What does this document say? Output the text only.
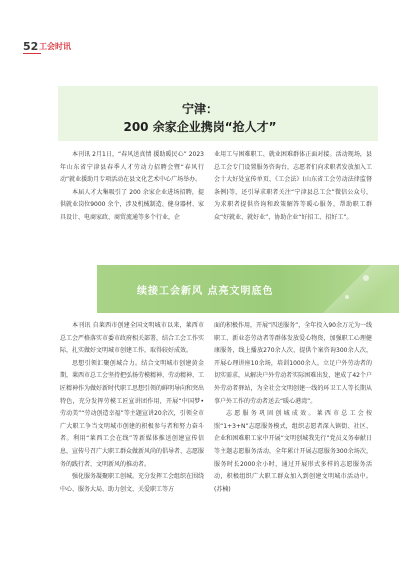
52 工会时讯
宁津：
200 余家企业携岗“抢人才”

本刊讯 2月1日，“春风送真情 援助暖民心” 2023 年山东省宁津县春季人才劳动力招聘会暨“春风行动”就业援助月专项活动在县文化艺术中心广场举办。

本届人才大集吸引了 200 余家企业进场招聘，提供就业岗位9000 余个，涉及机械制造、健身器材、家具设计、电商家政、商贸流通等多个行业，企

业用工与困难职工、就业困难群体正面对接。活动现场，县总工会专门设置服务咨询台，志愿者们向求职者发放加入工会十大好处宣传单页、《工会法》(山东省工会劳动法律监督条例)等，还引导求职者关注“宁津县总工会”微信公众号，为求职者提供咨询和政策解答等暖心服务，帮助职工群众“好就业、就好业”，协助企业“好招工、招好工”。

续接工会新风 点亮文明底色

本刊讯 自莱西市创建全国文明城市以来，莱西市总工会严格落实市委市政府相关部署，结合工会工作实际，扎实做好文明城市创建工作，取得较好成效。

思想引领汇聚创城合力。结合文明城市创建黄金期，莱西市总工会坚持把弘扬劳模精神、劳动精神、工匠精神作为做好新时代职工思想引领的鲜明导向和突出特色，充分发挥劳模工匠宣讲团作用，开展“中国梦•劳动美”“劳动创造幸福”等主题宣讲20余次，引领全市广大职工争当文明城市创建的积极参与者和努力奋斗者。利用“莱西工会在线”等新媒体推送创建宣传信息，宣传号召广大职工群众做新风尚的倡导者、志愿服务的践行者、文明新风的推动者。

强化服务凝聚职工创城。充分发挥工会组织在围绕中心、服务大局、助力创文、关爱职工等方

面的积极作用，开展“四送服务”，全年投入90余万元为一线职工、新业态劳动者等群体发放爱心物资，加强职工心理健康服务，线上播放270余人次，提供个案咨询300余人次，开展心理讲座10余场，培训1000余人。立足户外劳动者的切实需求，从解决户外劳动者实际困难出发，建成了42个户外劳动者驿站，为全社会文明创建一线的环卫工人等长期从事户外工作的劳动者送去“暖心港湾”。

志愿服务巩固创城成效。莱西市总工会按照“1+3+N”志愿服务模式，组织志愿者深入镇街、社区、企业和困难职工家中开展“文明创城我先行”党员义务奉献日等主题志愿服务活动，全年累计开展志愿服务300余场次，服务时长2000余小时，通过开展形式多样的志愿服务活动，积极组织广大职工群众加入到创建文明城市活动中。(苏楠)
